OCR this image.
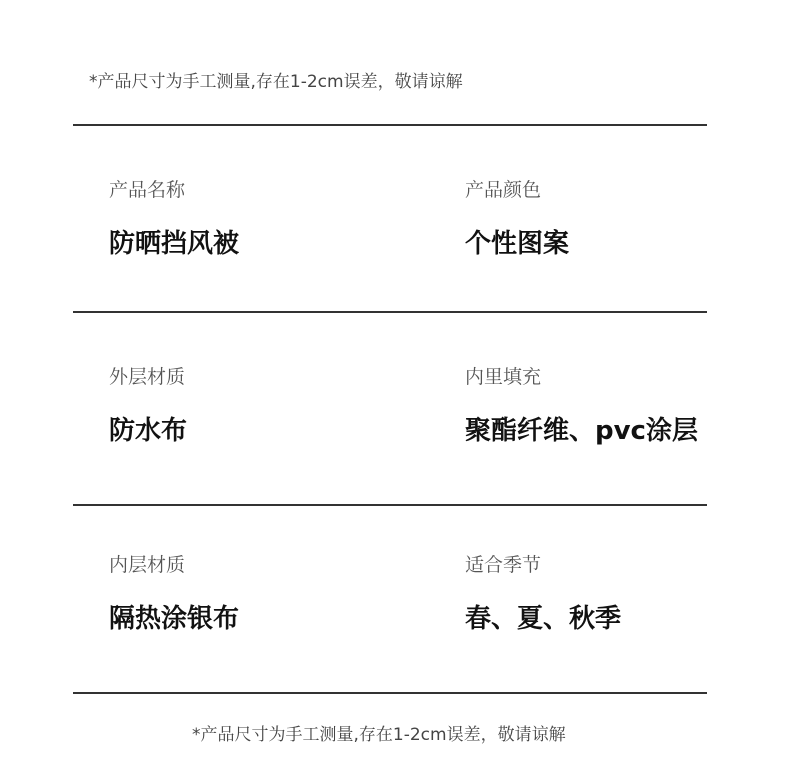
*产品尺寸为手工测量,存在1-2cm误差，敬请谅解
产品名称
防晒挡风被
产品颜色
个性图案
外层材质
防水布
内里填充
聚酯纤维、pvc涂层
内层材质
隔热涂银布
适合季节
春、夏、秋季
*产品尺寸为手工测量,存在1-2cm误差，敬请谅解
